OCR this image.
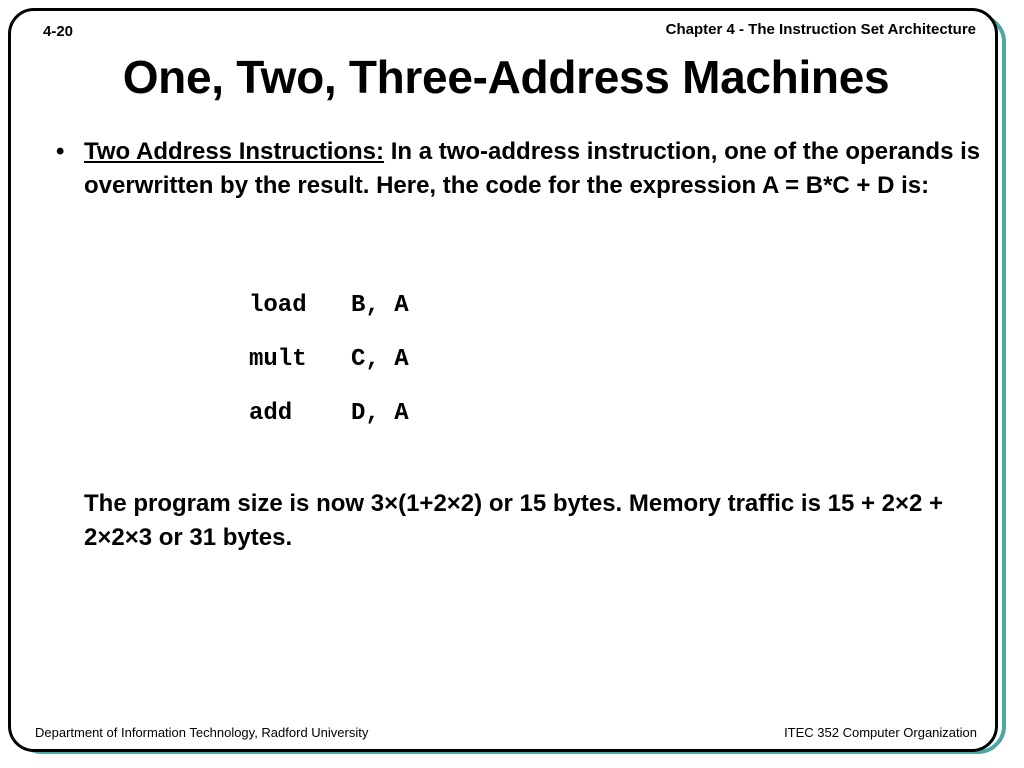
4-20	Chapter 4 - The Instruction Set Architecture
One, Two, Three-Address Machines
• Two Address Instructions: In a two-address instruction, one of the operands is overwritten by the result. Here, the code for the expression A = B*C + D is:
load B, A
mult C, A
add D, A
The program size is now 3×(1+2×2) or 15 bytes. Memory traffic is 15 + 2×2 + 2×2×3 or 31 bytes.
Department of Information Technology, Radford University	ITEC 352 Computer Organization
